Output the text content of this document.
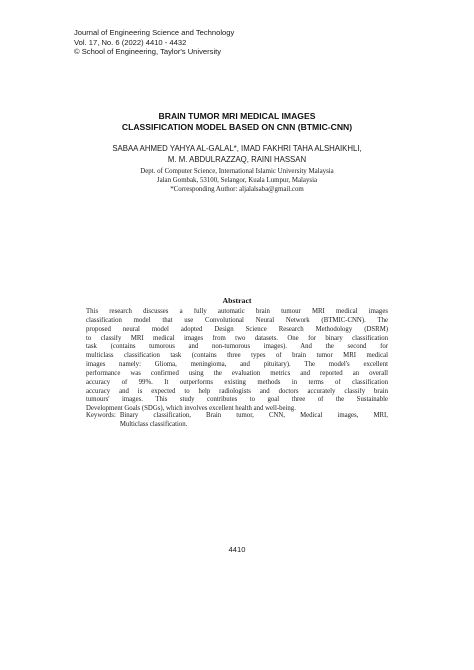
Journal of Engineering Science and Technology
Vol. 17, No. 6 (2022) 4410 - 4432
© School of Engineering, Taylor's University
BRAIN TUMOR MRI MEDICAL IMAGES
CLASSIFICATION MODEL BASED ON CNN (BTMIC-CNN)
SABAA AHMED YAHYA AL-GALAL*, IMAD FAKHRI TAHA ALSHAIKHLI,
M. M. ABDULRAZZAQ, RAINI HASSAN
Dept. of Computer Science, International Islamic University Malaysia
Jalan Gombak, 53100, Selangor, Kuala Lumpur, Malaysia
*Corresponding Author: aljalalsaba@gmail.com
Abstract
This research discusses a fully automatic brain tumour MRI medical images
classification model that use Convolutional Neural Network (BTMIC-CNN). The
proposed neural model adopted Design Science Research Methodology (DSRM)
to classify MRI medical images from two datasets. One for binary classification
task (contains tumorous and non-tumorous images). And the second for
multiclass classification task (contains three types of brain tumor MRI medical
images namely: Glioma, meningioma, and pituitary). The model's excellent
performance was confirmed using the evaluation metrics and reported an overall
accuracy of 99%. It outperforms existing methods in terms of classification
accuracy and is expected to help radiologists and doctors accurately classify brain
tumours' images. This study contributes to goal three of the Sustainable
Development Goals (SDGs), which involves excellent health and well-being.
Keywords: Binary classification, Brain tumor, CNN, Medical images, MRI,
Multiclass classification.
4410
